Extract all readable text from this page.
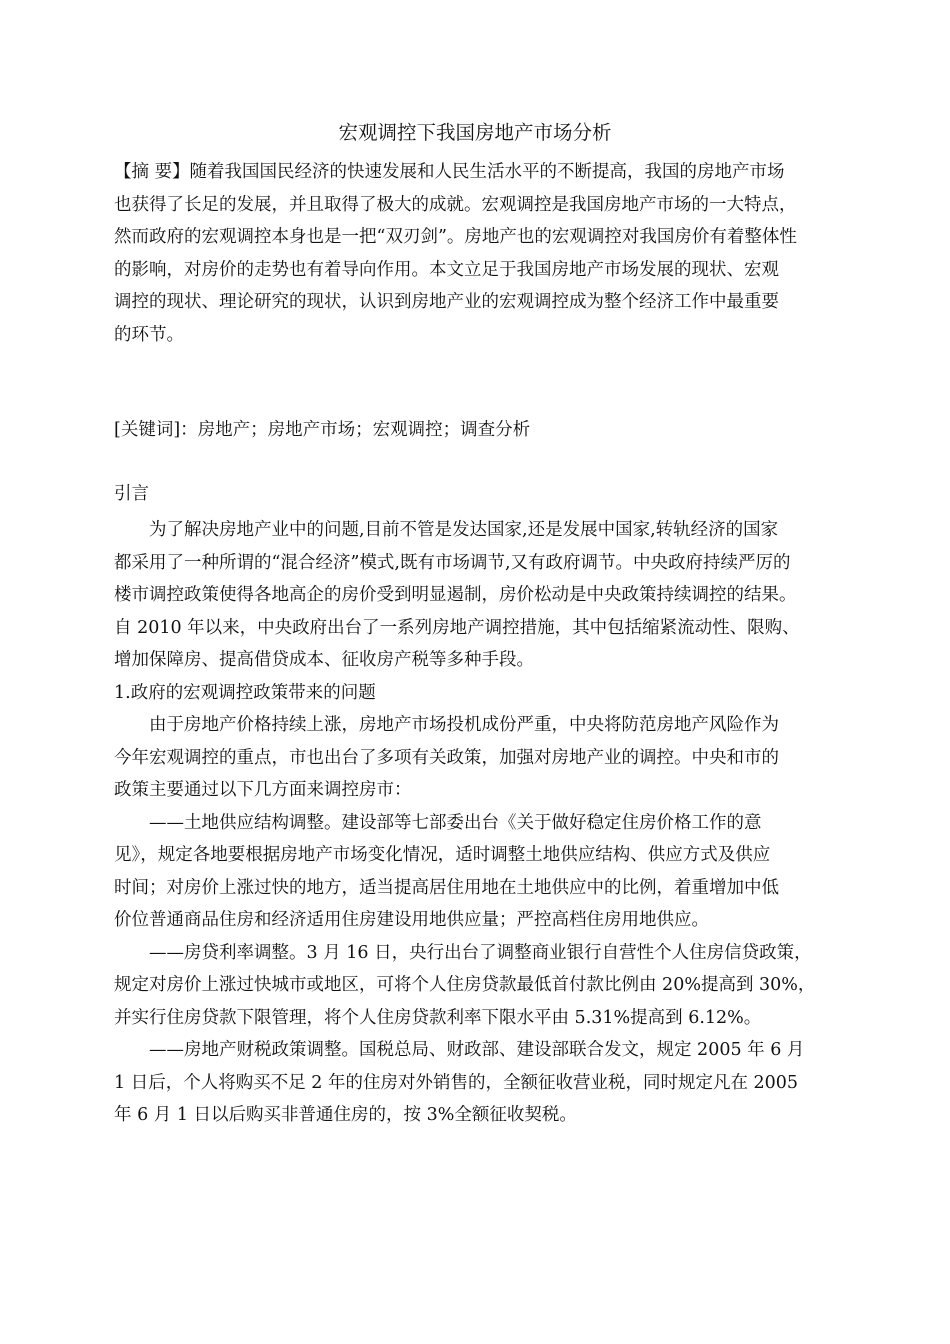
宏观调控下我国房地产市场分析
【摘 要】随着我国国民经济的快速发展和人民生活水平的不断提高，我国的房地产市场
也获得了长足的发展，并且取得了极大的成就。宏观调控是我国房地产市场的一大特点，
然而政府的宏观调控本身也是一把“双刃剑”。房地产也的宏观调控对我国房价有着整体性
的影响，对房价的走势也有着导向作用。本文立足于我国房地产市场发展的现状、宏观
调控的现状、理论研究的现状，认识到房地产业的宏观调控成为整个经济工作中最重要
的环节。
[关键词]：房地产；房地产市场；宏观调控；调查分析
引言
为了解决房地产业中的问题,目前不管是发达国家,还是发展中国家,转轨经济的国家
都采用了一种所谓的“混合经济”模式,既有市场调节,又有政府调节。中央政府持续严厉的
楼市调控政策使得各地高企的房价受到明显遏制，房价松动是中央政策持续调控的结果。
自 2010 年以来，中央政府出台了一系列房地产调控措施，其中包括缩紧流动性、限购、
增加保障房、提高借贷成本、征收房产税等多种手段。
1.政府的宏观调控政策带来的问题
由于房地产价格持续上涨，房地产市场投机成份严重，中央将防范房地产风险作为
今年宏观调控的重点，市也出台了多项有关政策，加强对房地产业的调控。中央和市的
政策主要通过以下几方面来调控房市：
——土地供应结构调整。建设部等七部委出台《关于做好稳定住房价格工作的意
见》，规定各地要根据房地产市场变化情况，适时调整土地供应结构、供应方式及供应
时间；对房价上涨过快的地方，适当提高居住用地在土地供应中的比例，着重增加中低
价位普通商品住房和经济适用住房建设用地供应量；严控高档住房用地供应。
——房贷利率调整。3 月 16 日，央行出台了调整商业银行自营性个人住房信贷政策，
规定对房价上涨过快城市或地区，可将个人住房贷款最低首付款比例由 20%提高到 30%，
并实行住房贷款下限管理，将个人住房贷款利率下限水平由 5.31%提高到 6.12%。
——房地产财税政策调整。国税总局、财政部、建设部联合发文，规定 2005 年 6 月
1 日后，个人将购买不足 2 年的住房对外销售的，全额征收营业税，同时规定凡在 2005
年 6 月 1 日以后购买非普通住房的，按 3%全额征收契税。
